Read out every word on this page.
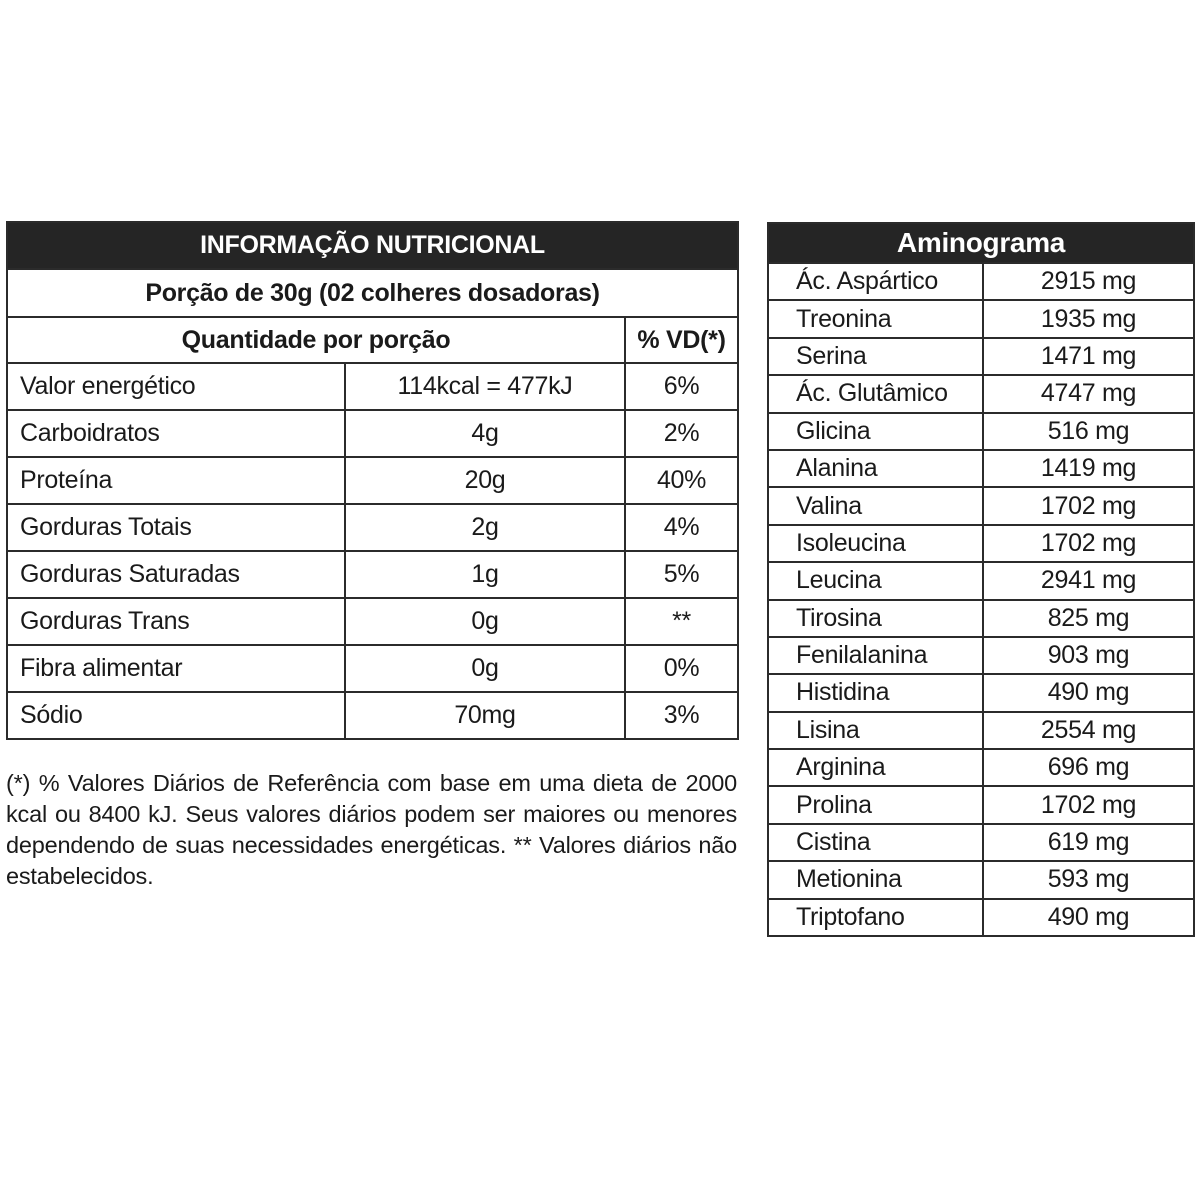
INFORMAÇÃO NUTRICIONAL		
Porção de 30g (02 colheres dosadoras)		
Quantidade por porção		% VD(*)
Valor energético	114kcal = 477kJ	6%
Carboidratos	4g	2%
Proteína	20g	40%
Gorduras Totais	2g	4%
Gorduras Saturadas	1g	5%
Gorduras Trans	0g	**
Fibra alimentar	0g	0%
Sódio	70mg	3%

(*) % Valores Diários de Referência com base em uma dieta de 2000 kcal ou 8400 kJ. Seus valores diários podem ser maiores ou menores dependendo de suas necessidades energéticas. ** Valores diários não estabelecidos.

Aminograma	
Ác. Aspártico	2915 mg
Treonina	1935 mg
Serina	1471 mg
Ác. Glutâmico	4747 mg
Glicina	516 mg
Alanina	1419 mg
Valina	1702 mg
Isoleucina	1702 mg
Leucina	2941 mg
Tirosina	825 mg
Fenilalanina	903 mg
Histidina	490 mg
Lisina	2554 mg
Arginina	696 mg
Prolina	1702 mg
Cistina	619 mg
Metionina	593 mg
Triptofano	490 mg
